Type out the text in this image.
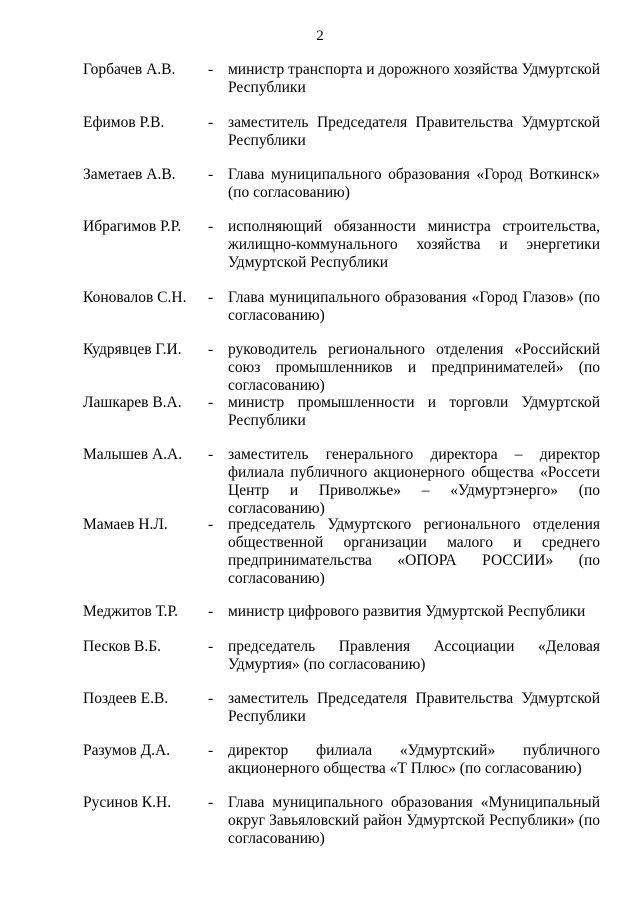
2
Горбачев А.В. - министр транспорта и дорожного хозяйства Удмуртской Республики
Ефимов Р.В.	- заместитель Председателя Правительства Удмуртской Республики
Заметаев А.В. - Глава муниципального образования «Город Воткинск» (по согласованию)
Ибрагимов Р.Р. - исполняющий обязанности министра строительства, жилищно-коммунального хозяйства и энергетики Удмуртской Республики
Коновалов С.Н. - Глава муниципального образования «Город Глазов» (по согласованию)
Кудрявцев Г.И. - руководитель регионального отделения «Российский союз промышленников и предпринимателей» (по согласованию)
Лашкарев В.А. - министр промышленности и торговли Удмуртской Республики
Малышев А.А. - заместитель генерального директора – директор филиала публичного акционерного общества «Россети Центр и Приволжье» – «Удмуртэнерго» (по согласованию)
Мамаев Н.Л.	- председатель Удмуртского регионального отделения общественной организации малого и среднего предпринимательства «ОПОРА РОССИИ» (по согласованию)
Меджитов Т.Р. - министр цифрового развития Удмуртской Республики
Песков В.Б.	- председатель Правления Ассоциации «Деловая Удмуртия» (по согласованию)
Поздеев Е.В.	- заместитель Председателя Правительства Удмуртской Республики
Разумов Д.А. - директор филиала «Удмуртский» публичного акционерного общества «Т Плюс» (по согласованию)
Русинов К.Н. - Глава муниципального образования «Муниципальный округ Завьяловский район Удмуртской Республики» (по согласованию)
